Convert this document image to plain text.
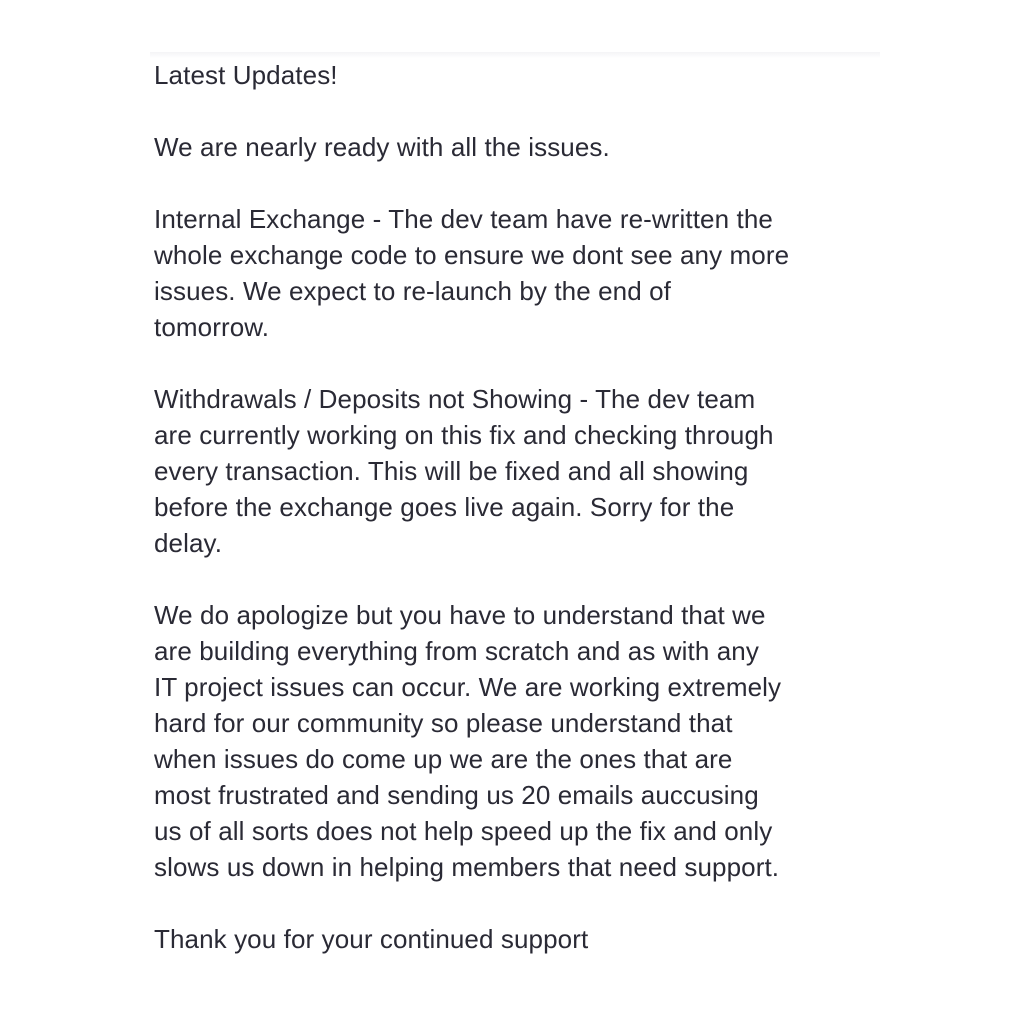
Latest Updates!
We are nearly ready with all the issues.
Internal Exchange - The dev team have re-written the
whole exchange code to ensure we dont see any more
issues. We expect to re-launch by the end of
tomorrow.
Withdrawals / Deposits not Showing - The dev team
are currently working on this fix and checking through
every transaction. This will be fixed and all showing
before the exchange goes live again. Sorry for the
delay.
We do apologize but you have to understand that we
are building everything from scratch and as with any
IT project issues can occur. We are working extremely
hard for our community so please understand that
when issues do come up we are the ones that are
most frustrated and sending us 20 emails auccusing
us of all sorts does not help speed up the fix and only
slows us down in helping members that need support.
Thank you for your continued support
